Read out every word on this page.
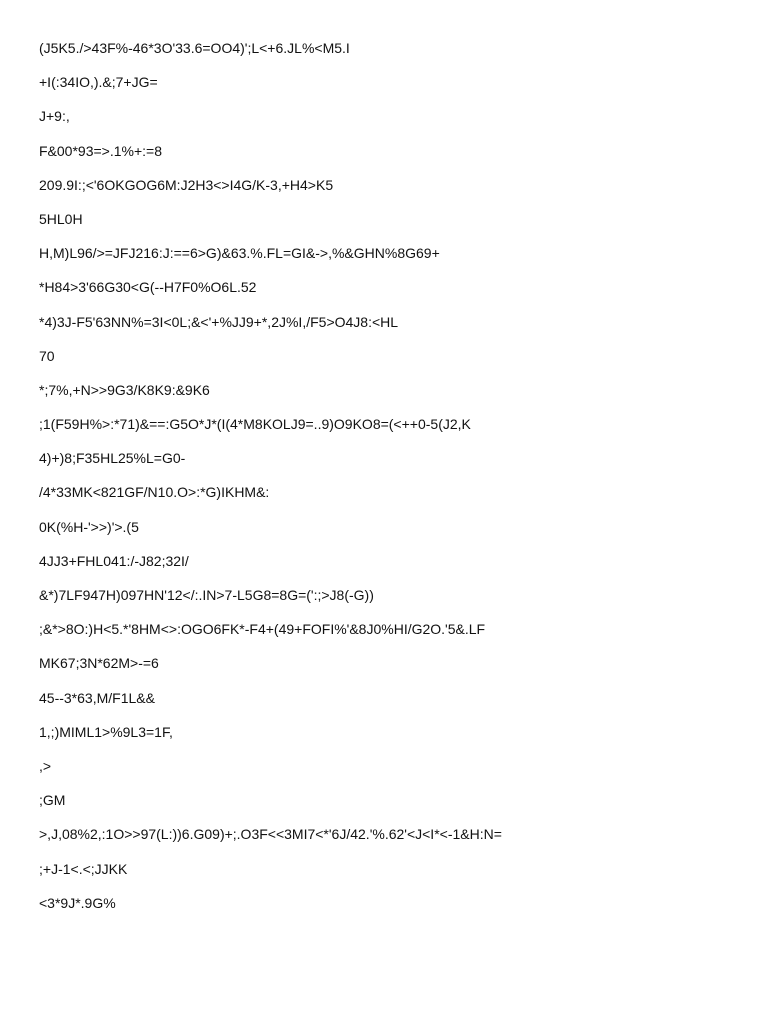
(J5K5./>43F%-46*3O'33.6=OO4)';L<+6.JL%<M5.I
+I(:34IO,).&;7+JG=
J+9:,
F&00*93=>.1%+:=8
209.9I:;<'6OKGOG6M:J2H3<>I4G/K-3,+H4>K5
5HL0H
H,M)L96/>=JFJ216:J:==6>G)&63.%.FL=GI&->,%&GHN%8G69+
*H84>3'66G30<G(--H7F0%O6L.52
*4)3J-F5'63NN%=3I<0L;&<'+%JJ9+*,2J%I,/F5>O4J8:<HL
70
*;7%,+N>>9G3/K8K9:&9K6
;1(F59H%>:*71)&==:G5O*J*(I(4*M8KOLJ9=..9)O9KO8=(<++0-5(J2,K
4)+)8;F35HL25%L=G0-
/4*33MK<821GF/N10.O>:*G)IKHM&:
0K(%H-'>>)'>.(5
4JJ3+FHL041:/-J82;32I/
&*)7LF947H)097HN'12</:.IN>7-L5G8=8G=(':;>J8(-G))
;&*>8O:)H<5.*'8HM<>:OGO6FK*-F4+(49+FOFI%'&8J0%HI/G2O.'5&.LF
MK67;3N*62M>-=6
45--3*63,M/F1L&&
1,;)MIML1>%9L3=1F,
,>
;GM
>,J,08%2,:1O>>97(L:))6.G09)+;.O3F<<3MI7<*'6J/42.'%.62'<J<I*<-1&H:N=
;+J-1<.<;JJKK
<3*9J*.9G%
